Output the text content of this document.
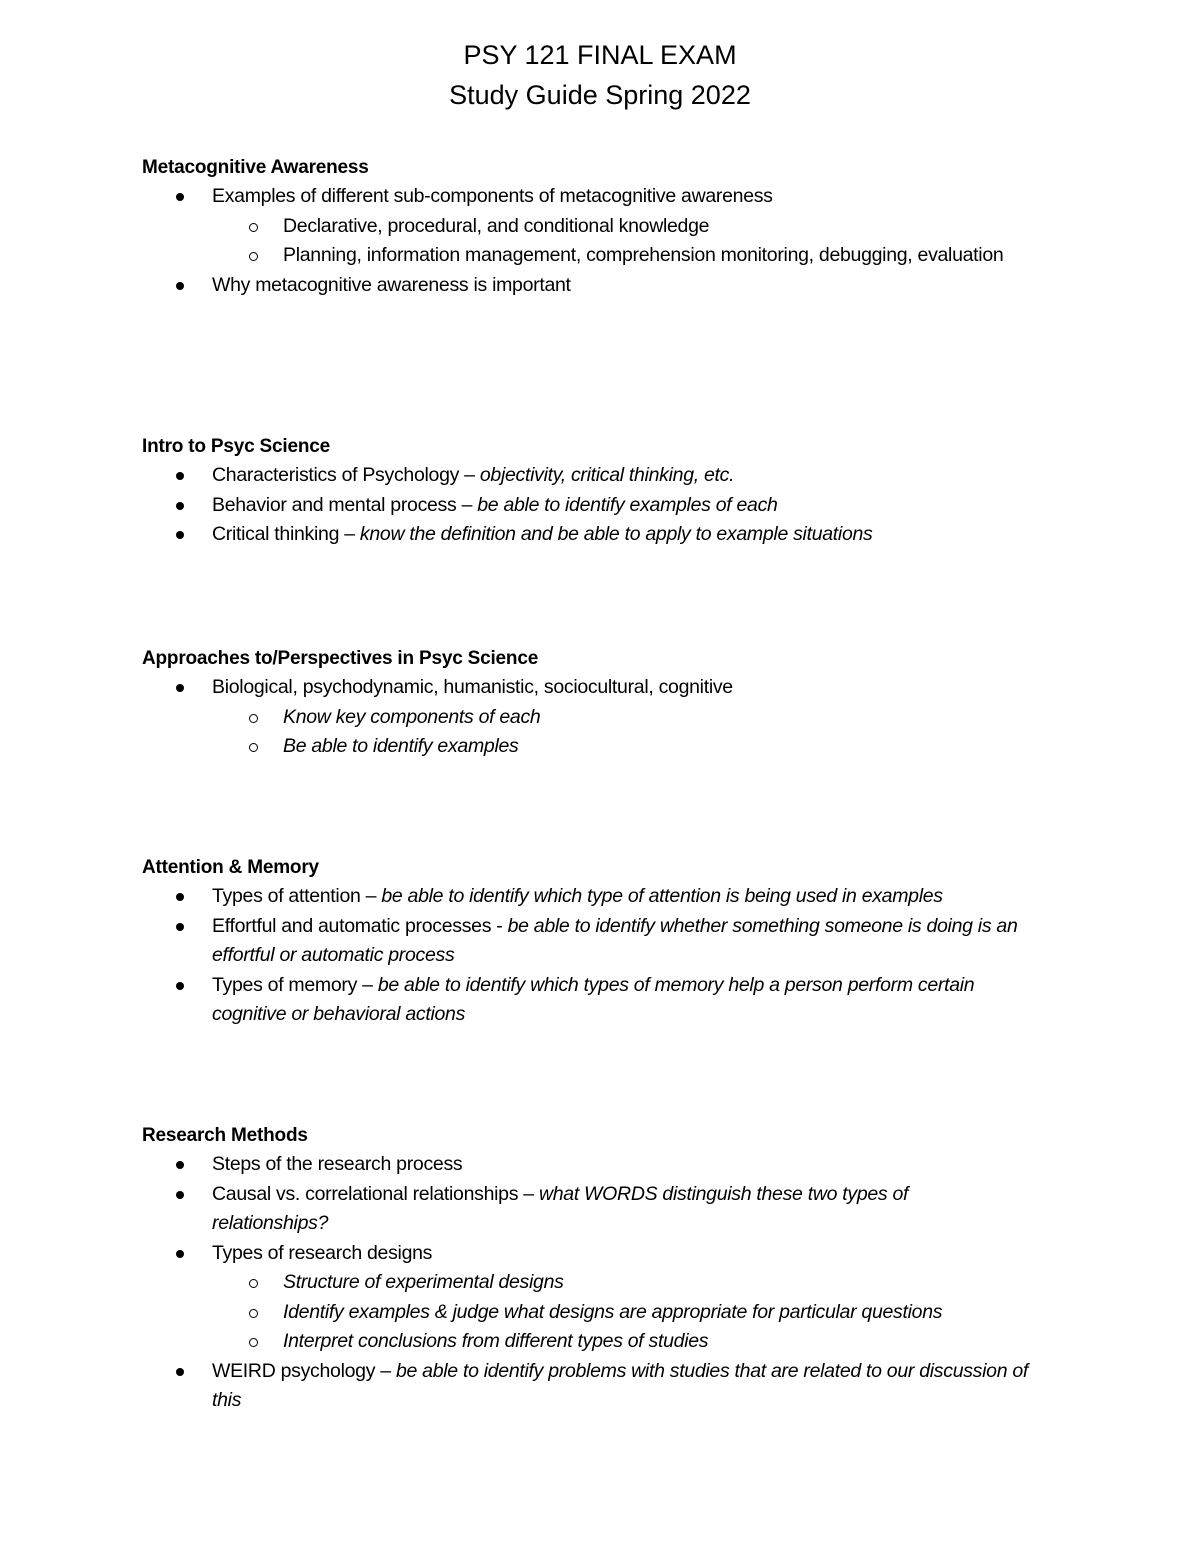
PSY 121 FINAL EXAM
Study Guide Spring 2022
Metacognitive Awareness
Examples of different sub-components of metacognitive awareness
Declarative, procedural, and conditional knowledge
Planning, information management, comprehension monitoring, debugging, evaluation
Why metacognitive awareness is important
Intro to Psyc Science
Characteristics of Psychology – objectivity, critical thinking, etc.
Behavior and mental process – be able to identify examples of each
Critical thinking – know the definition and be able to apply to example situations
Approaches to/Perspectives in Psyc Science
Biological, psychodynamic, humanistic, sociocultural, cognitive
Know key components of each
Be able to identify examples
Attention & Memory
Types of attention – be able to identify which type of attention is being used in examples
Effortful and automatic processes - be able to identify whether something someone is doing is an effortful or automatic process
Types of memory – be able to identify which types of memory help a person perform certain cognitive or behavioral actions
Research Methods
Steps of the research process
Causal vs. correlational relationships – what WORDS distinguish these two types of relationships?
Types of research designs
Structure of experimental designs
Identify examples & judge what designs are appropriate for particular questions
Interpret conclusions from different types of studies
WEIRD psychology – be able to identify problems with studies that are related to our discussion of this
